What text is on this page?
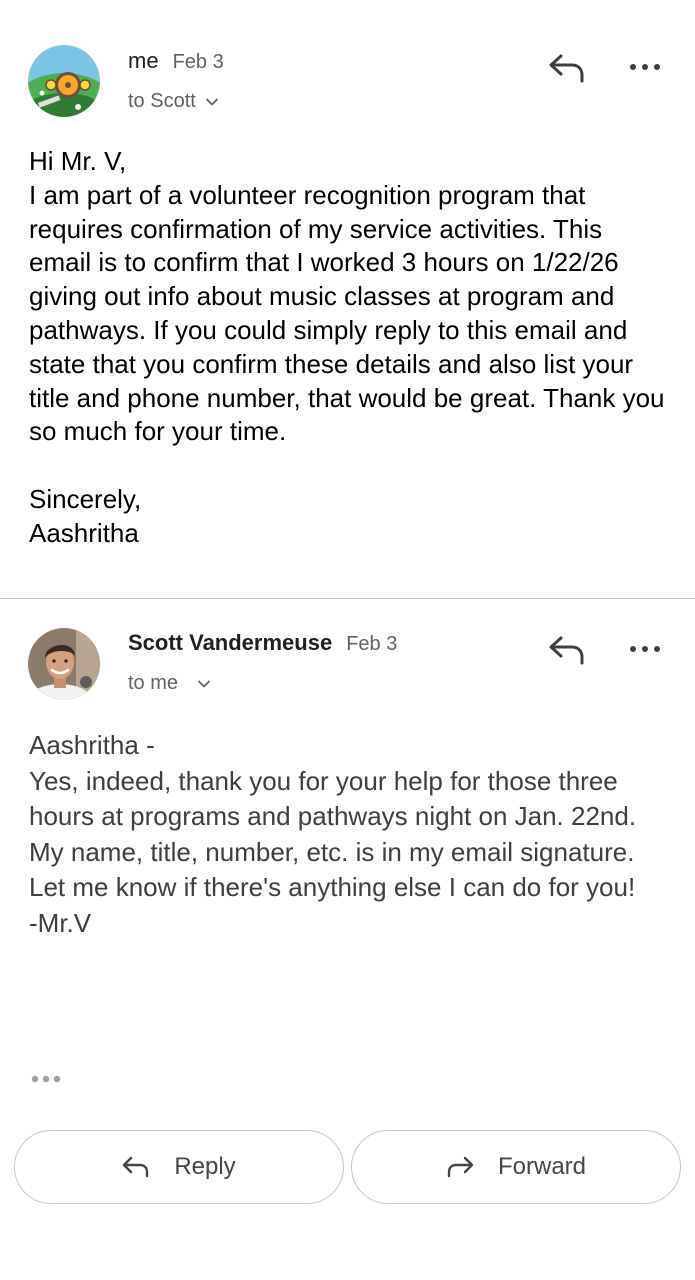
me Feb 3
to Scott

Hi Mr. V,
I am part of a volunteer recognition program that requires confirmation of my service activities. This email is to confirm that I worked 3 hours on 1/22/26 giving out info about music classes at program and pathways. If you could simply reply to this email and state that you confirm these details and also list your title and phone number, that would be great. Thank you so much for your time.

Sincerely,
Aashritha

Scott Vandermeuse Feb 3
to me

Aashritha -
Yes, indeed, thank you for your help for those three hours at programs and pathways night on Jan. 22nd.
My name, title, number, etc. is in my email signature.
Let me know if there's anything else I can do for you!
-Mr.V

Reply	Forward
